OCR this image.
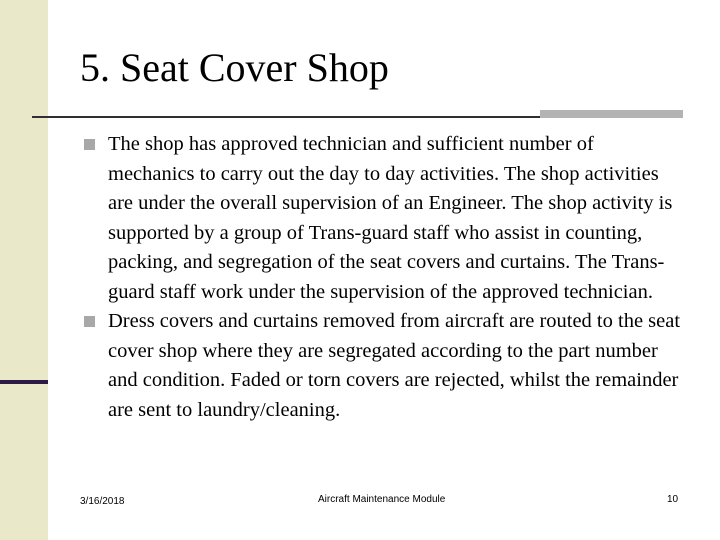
5. Seat Cover Shop
The shop has approved technician and sufficient number of mechanics to carry out the day to day activities. The shop activities are under the overall supervision of an Engineer. The shop activity is supported by a group of Trans-guard staff who assist in counting, packing, and segregation of the seat covers and curtains. The Trans-guard staff work under the supervision of the approved technician.
Dress covers and curtains removed from aircraft are routed to the seat cover shop where they are segregated according to the part number and condition. Faded or torn covers are rejected, whilst the remainder are sent to laundry/cleaning.
3/16/2018	Aircraft Maintenance Module	10
